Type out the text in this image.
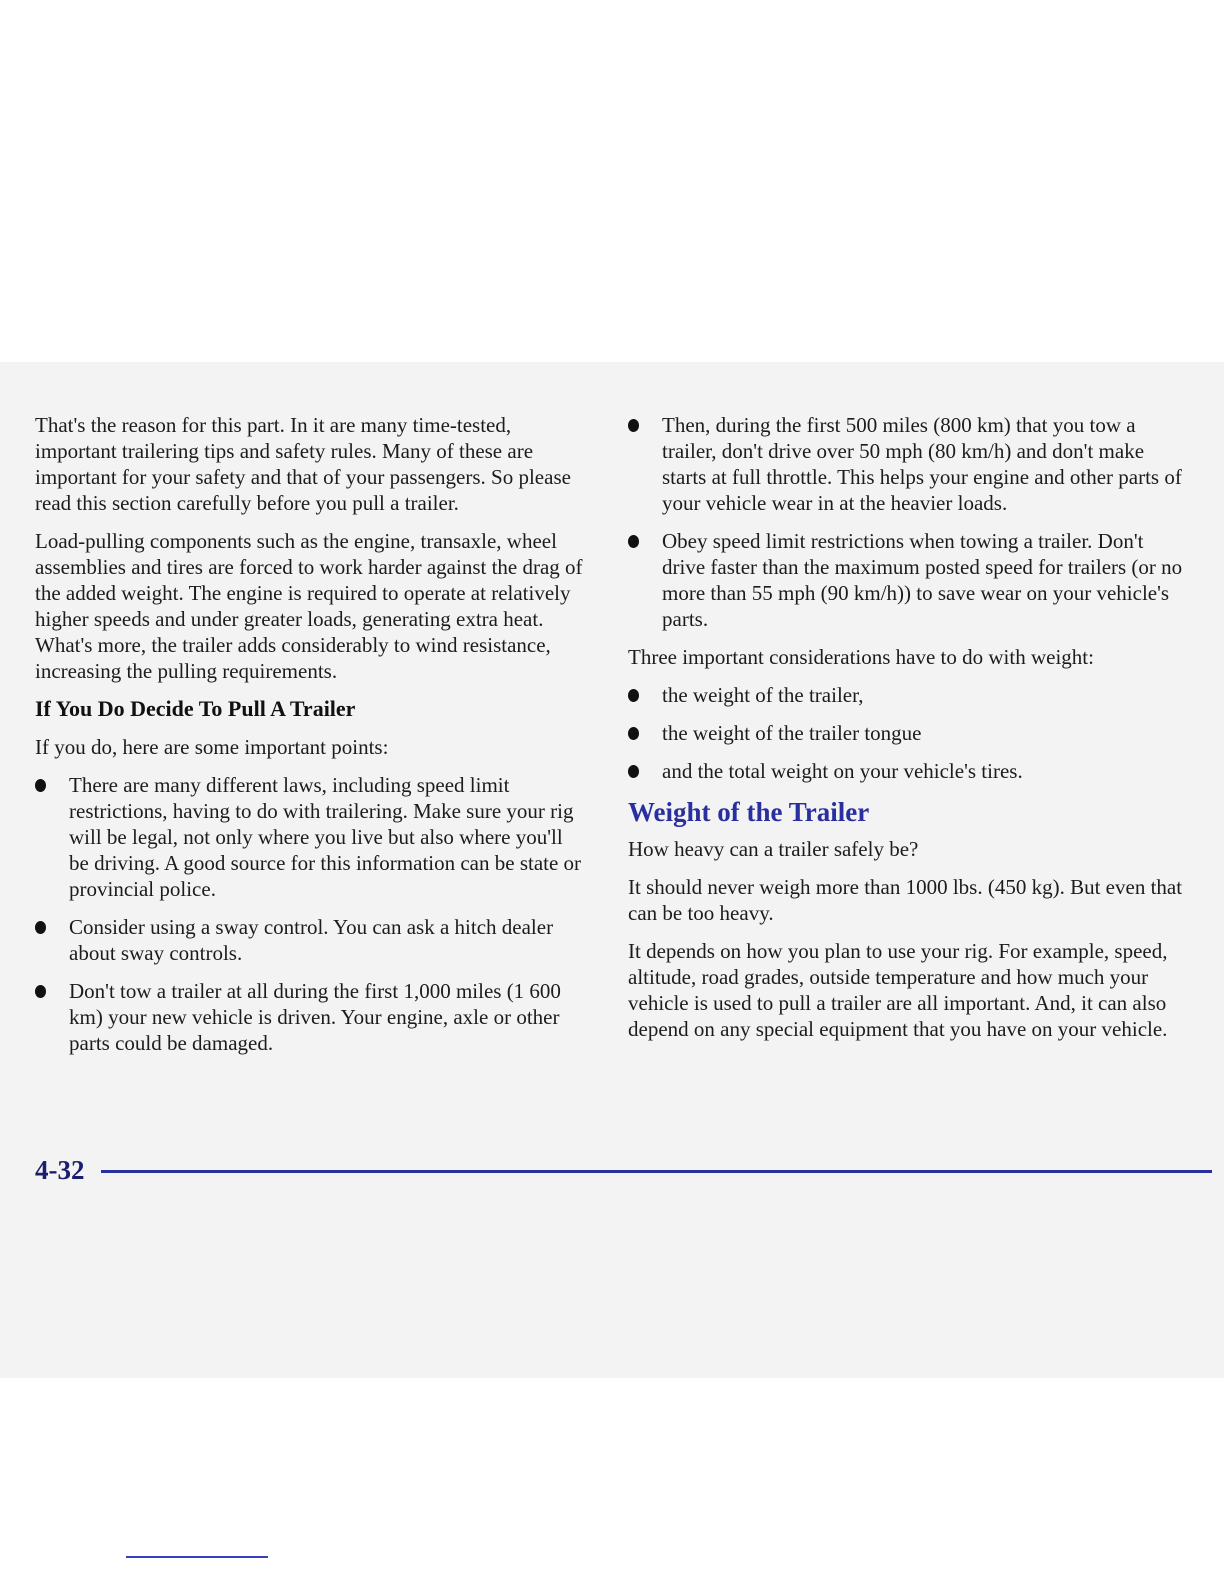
That's the reason for this part. In it are many time-tested, important trailering tips and safety rules. Many of these are important for your safety and that of your passengers. So please read this section carefully before you pull a trailer.

Load-pulling components such as the engine, transaxle, wheel assemblies and tires are forced to work harder against the drag of the added weight. The engine is required to operate at relatively higher speeds and under greater loads, generating extra heat. What's more, the trailer adds considerably to wind resistance, increasing the pulling requirements.

If You Do Decide To Pull A Trailer

If you do, here are some important points:

There are many different laws, including speed limit restrictions, having to do with trailering. Make sure your rig will be legal, not only where you live but also where you'll be driving. A good source for this information can be state or provincial police.
Consider using a sway control. You can ask a hitch dealer about sway controls.
Don't tow a trailer at all during the first 1,000 miles (1 600 km) your new vehicle is driven. Your engine, axle or other parts could be damaged.
Then, during the first 500 miles (800 km) that you tow a trailer, don't drive over 50 mph (80 km/h) and don't make starts at full throttle. This helps your engine and other parts of your vehicle wear in at the heavier loads.
Obey speed limit restrictions when towing a trailer. Don't drive faster than the maximum posted speed for trailers (or no more than 55 mph (90 km/h)) to save wear on your vehicle's parts.

Three important considerations have to do with weight:

the weight of the trailer,
the weight of the trailer tongue
and the total weight on your vehicle's tires.
Weight of the Trailer

How heavy can a trailer safely be?

It should never weigh more than 1000 lbs. (450 kg). But even that can be too heavy.

It depends on how you plan to use your rig. For example, speed, altitude, road grades, outside temperature and how much your vehicle is used to pull a trailer are all important. And, it can also depend on any special equipment that you have on your vehicle.

4-32
